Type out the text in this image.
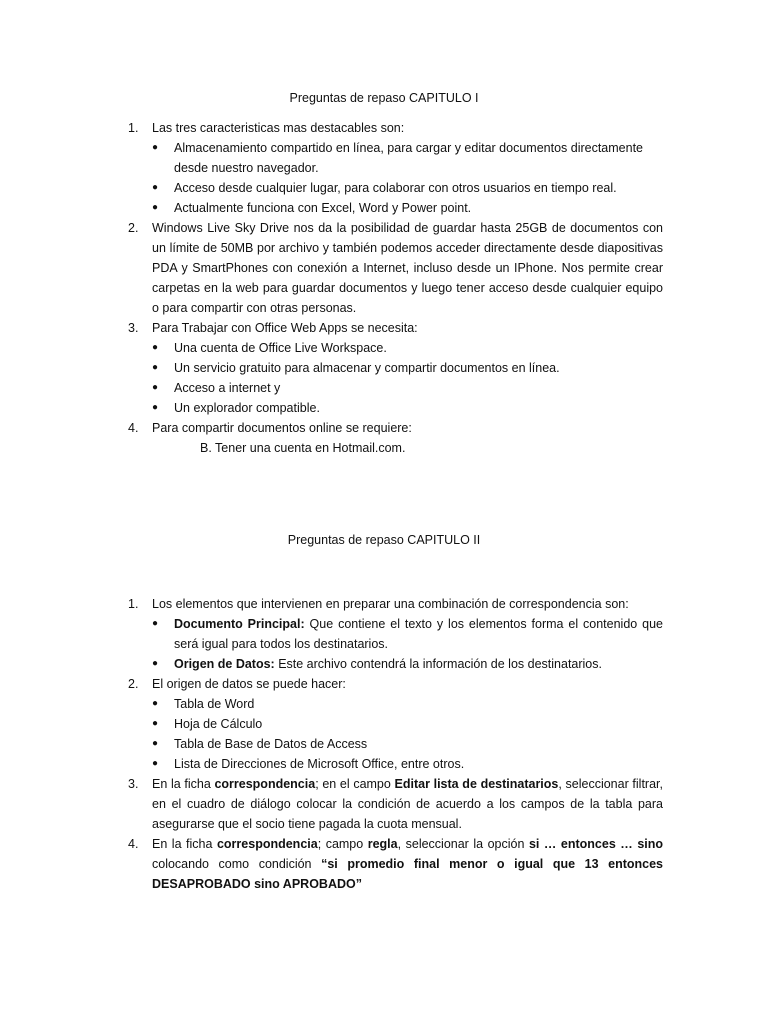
Preguntas de repaso CAPITULO I
1. Las tres caracteristicas mas destacables son:
● Almacenamiento compartido en línea, para cargar y editar documentos directamente desde nuestro navegador.
● Acceso desde cualquier lugar, para colaborar con otros usuarios en tiempo real.
● Actualmente funciona con Excel, Word y Power point.
2. Windows Live Sky Drive nos da la posibilidad de guardar hasta 25GB de documentos con un límite de 50MB por archivo y también podemos acceder directamente desde diapositivas PDA y SmartPhones con conexión a Internet, incluso desde un IPhone. Nos permite crear carpetas en la web para guardar documentos y luego tener acceso desde cualquier equipo o para compartir con otras personas.
3. Para Trabajar con Office Web Apps se necesita:
● Una cuenta de Office Live Workspace.
● Un servicio gratuito para almacenar y compartir documentos en línea.
● Acceso a internet y
● Un explorador compatible.
4. Para compartir documentos online se requiere:
B. Tener una cuenta en Hotmail.com.
Preguntas de repaso CAPITULO II
1. Los elementos que intervienen en preparar una combinación de correspondencia son:
● Documento Principal: Que contiene el texto y los elementos forma el contenido que será igual para todos los destinatarios.
● Origen de Datos: Este archivo contendrá la información de los destinatarios.
2. El origen de datos se puede hacer:
● Tabla de Word
● Hoja de Cálculo
● Tabla de Base de Datos de Access
● Lista de Direcciones de Microsoft Office, entre otros.
3. En la ficha correspondencia; en el campo Editar lista de destinatarios, seleccionar filtrar, en el cuadro de diálogo colocar la condición de acuerdo a los campos de la tabla para asegurarse que el socio tiene pagada la cuota mensual.
4. En la ficha correspondencia; campo regla, seleccionar la opción si … entonces … sino colocando como condición “si promedio final menor o igual que 13 entonces DESAPROBADO sino APROBADO”
